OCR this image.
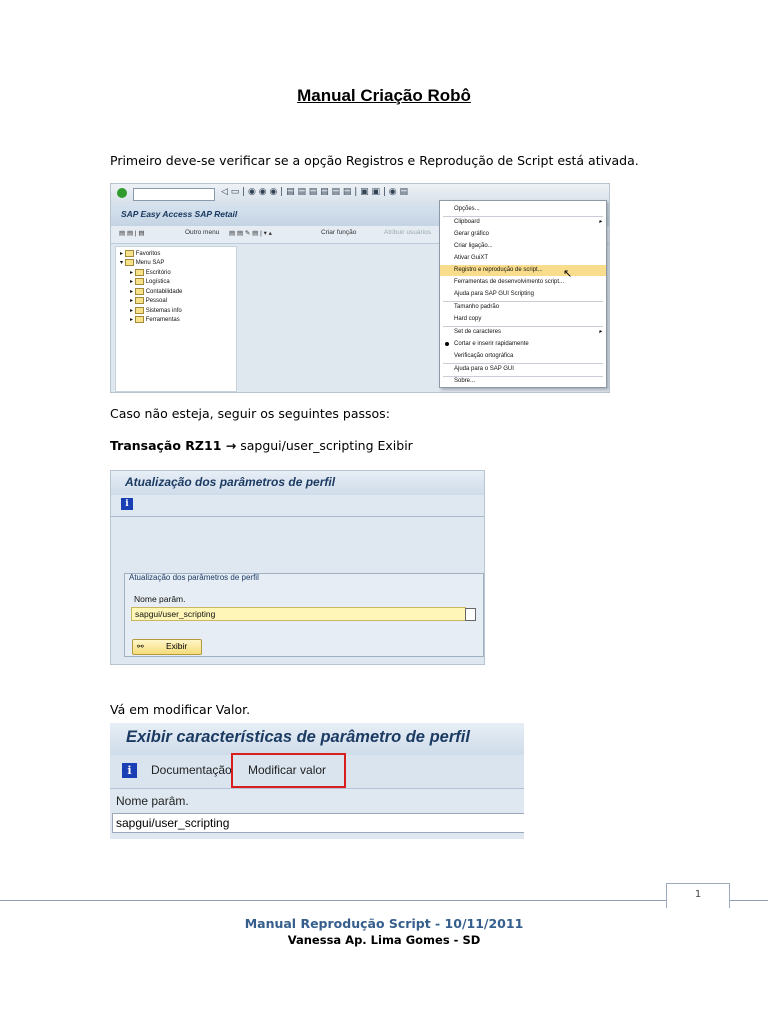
Manual Criação Robô
Primeiro deve-se verificar se a opção Registros e Reprodução de Script está ativada.
◁ ▭ | ◉ ◉ ◉ | ▤ ▤ ▤ ▤ ▤ ▤ | ▣ ▣ | ◉ ▤
SAP Easy Access SAP Retail
▤ ▤ | ▤	Outro menu ▤ ▤ ✎ ▤ | ▾ ▴	Criar função	Atribuir usuários
▸ Favoritos
▾ Menu SAP
▸ Escritório
▸ Logística
▸ Contabilidade
▸ Pessoal
▸ Sistemas info
▸ Ferramentas
Opções...
Clipboard	▸
Gerar gráfico
Criar ligação...
Ativar GuiXT
Registro e reprodução de script...
Ferramentas de desenvolvimento script...
Ajuda para SAP GUI Scripting
Tamanho padrão
Hard copy
Set de caracteres	▸
Cortar e inserir rapidamente
Verificação ortográfica
Ajuda para o SAP GUI
Sobre...
↖
Caso não esteja, seguir os seguintes passos:
Transação RZ11 → sapgui/user_scripting Exibir
Atualização dos parâmetros de perfil
i
Atualização dos parâmetros de perfil
Nome parâm.
sapgui/user_scripting
⚯	Exibir
Vá em modificar Valor.
Exibir características de parâmetro de perfil
i	Documentação Modificar valor
Nome parâm.
sapgui/user_scripting
1
Manual Reprodução Script - 10/11/2011
Vanessa Ap. Lima Gomes - SD
